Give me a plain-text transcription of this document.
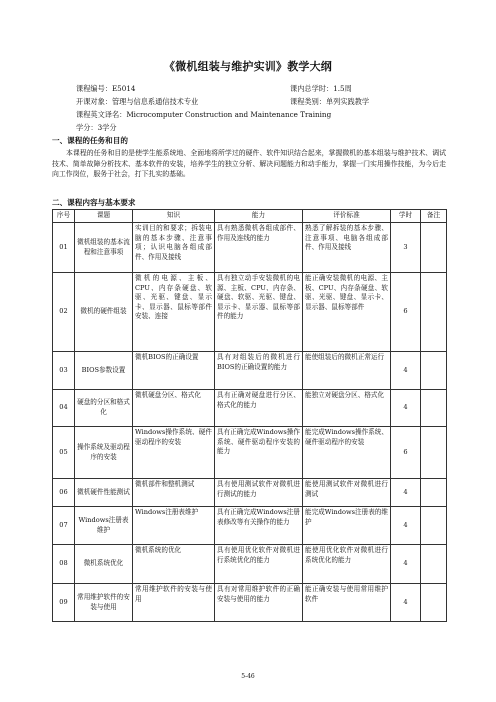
《微机组装与维护实训》教学大纲
课程编号：E5014	课内总学时：1.5周
开课对象：管理与信息系通信技术专业	课程类别：单列实践教学
课程英文译名：Microcomputer Construction and Maintenance Training
学分：3学分
一、课程的任务和目的
本课程的任务和目的是使学生能系统地、全面地将所学过的硬件、软件知识结合起来，掌握微机的基本组装与维护技术、调试技术、简单故障分析技术、基本软件的安装，培养学生的独立分析、解决问题能力和动手能力，掌握一门实用操作技能，为今后走向工作岗位，服务于社会，打下扎实的基础。
二、课程内容与基本要求
序号	课题	知识	能力	评价标准	学时	备注
01	微机组装的基本流程和注意事项	实训目的和要求；拆装电脑的基本步骤、注意事项；认识电脑各组成部件、作用及接线	具有熟悉微机各组成部件、作用及连线的能力	熟悉了解拆装的基本步骤、注意事项、电脑各组成部件、作用及接线	3	
02	微机的硬件组装	微机的电源、主板、CPU、内存条硬盘、软驱、光驱、键盘、显示卡、显示器、鼠标等部件安装、连接	具有独立动手安装微机的电源、主板、CPU、内存条、硬盘、软驱、光驱、键盘、显示卡、显示器、鼠标等部件的能力	能正确安装微机的电源、主板、CPU、内存条硬盘、软驱、光驱、键盘、显示卡、显示器、鼠标等部件	6	
03	BIOS参数设置	微机BIOS的正确设置	具有对组装后的微机进行BIOS的正确设置的能力	能使组装后的微机正常运行	4	
04	硬盘的分区和格式化	微机硬盘分区、格式化	具有正确对硬盘进行分区、格式化的能力	能独立对硬盘分区、格式化	4	
05	操作系统及驱动程序的安装	Windows操作系统、硬件驱动程序的安装	具有正确完成Windows操作系统、硬件驱动程序安装的能力	能完成Windows操作系统、硬件驱动程序的安装	6	
06	微机硬件性能测试	微机部件和整机测试	具有使用测试软件对微机进行测试的能力	能使用测试软件对微机进行测试	4	
07	Windows注册表维护	Windows注册表维护	具有正确完成Windows注册表修改等有关操作的能力	能完成Windows注册表的维护	4	
08	微机系统优化	微机系统的优化	具有使用优化软件对微机进行系统优化的能力	能使用优化软件对微机进行系统优化的能力	4	
09	常用维护软件的安装与使用	常用维护软件的安装与使用	具有对常用维护软件的正确安装与使用的能力	能正确安装与使用常用维护软件	4	
5-46
